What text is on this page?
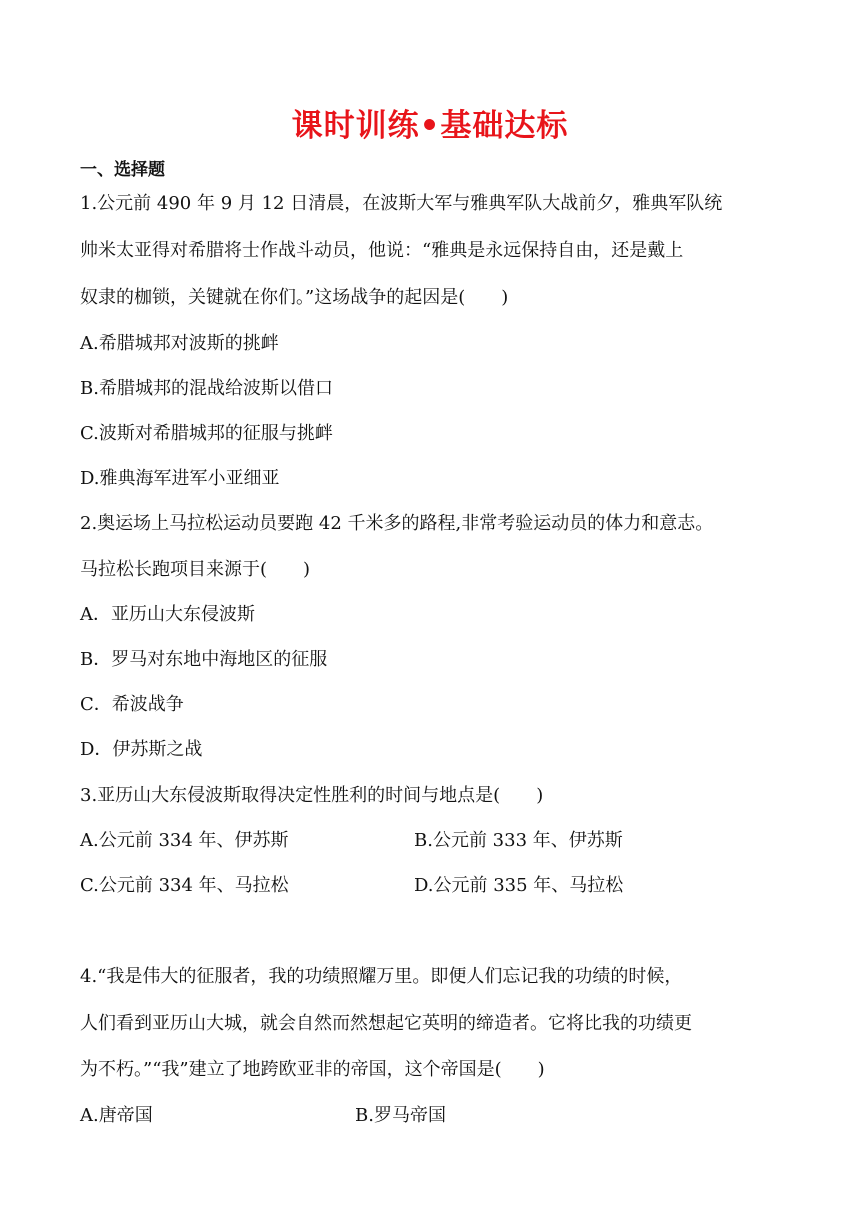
课时训练•基础达标
一、选择题
1.公元前 490 年 9 月 12 日清晨，在波斯大军与雅典军队大战前夕，雅典军队统
帅米太亚得对希腊将士作战斗动员，他说：“雅典是永远保持自由，还是戴上
奴隶的枷锁，关键就在你们。”这场战争的起因是(　　)
A.希腊城邦对波斯的挑衅
B.希腊城邦的混战给波斯以借口
C.波斯对希腊城邦的征服与挑衅
D.雅典海军进军小亚细亚
2.奥运场上马拉松运动员要跑 42 千米多的路程,非常考验运动员的体力和意志。
马拉松长跑项目来源于(　　)
A．亚历山大东侵波斯
B．罗马对东地中海地区的征服
C．希波战争
D．伊苏斯之战
3.亚历山大东侵波斯取得决定性胜利的时间与地点是(　　)
A.公元前 334 年、伊苏斯	B.公元前 333 年、伊苏斯
C.公元前 334 年、马拉松	D.公元前 335 年、马拉松
4.“我是伟大的征服者，我的功绩照耀万里。即便人们忘记我的功绩的时候，
人们看到亚历山大城，就会自然而然想起它英明的缔造者。它将比我的功绩更
为不朽。”“我”建立了地跨欧亚非的帝国，这个帝国是(　　)
A.唐帝国	B.罗马帝国
